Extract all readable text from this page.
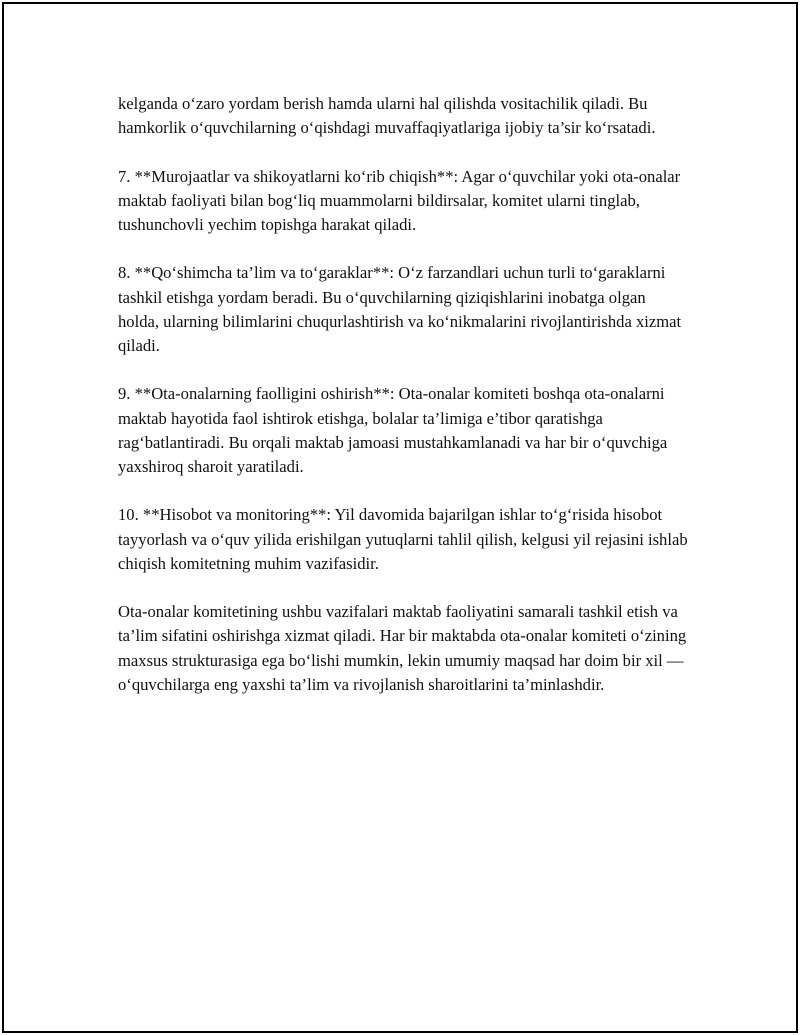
kelganda o‘zaro yordam berish hamda ularni hal qilishda vositachilik qiladi. Bu hamkorlik o‘quvchilarning o‘qishdagi muvaffaqiyatlariga ijobiy ta’sir ko‘rsatadi.

7. **Murojaatlar va shikoyatlarni ko‘rib chiqish**: Agar o‘quvchilar yoki ota-onalar maktab faoliyati bilan bog‘liq muammolarni bildirsalar, komitet ularni tinglab, tushunchovli yechim topishga harakat qiladi.

8. **Qo‘shimcha ta’lim va to‘garaklar**: O‘z farzandlari uchun turli to‘garaklarni tashkil etishga yordam beradi. Bu o‘quvchilarning qiziqishlarini inobatga olgan holda, ularning bilimlarini chuqurlashtirish va ko‘nikmalarini rivojlantirishda xizmat qiladi.

9. **Ota-onalarning faolligini oshirish**: Ota-onalar komiteti boshqa ota-onalarni maktab hayotida faol ishtirok etishga, bolalar ta’limiga e’tibor qaratishga rag‘batlantiradi. Bu orqali maktab jamoasi mustahkamlanadi va har bir o‘quvchiga yaxshiroq sharoit yaratiladi.

10. **Hisobot va monitoring**: Yil davomida bajarilgan ishlar to‘g‘risida hisobot tayyorlash va o‘quv yilida erishilgan yutuqlarni tahlil qilish, kelgusi yil rejasini ishlab chiqish komitetning muhim vazifasidir.

Ota-onalar komitetining ushbu vazifalari maktab faoliyatini samarali tashkil etish va ta’lim sifatini oshirishga xizmat qiladi. Har bir maktabda ota-onalar komiteti o‘zining maxsus strukturasiga ega bo‘lishi mumkin, lekin umumiy maqsad har doim bir xil — o‘quvchilarga eng yaxshi ta’lim va rivojlanish sharoitlarini ta’minlashdir.
